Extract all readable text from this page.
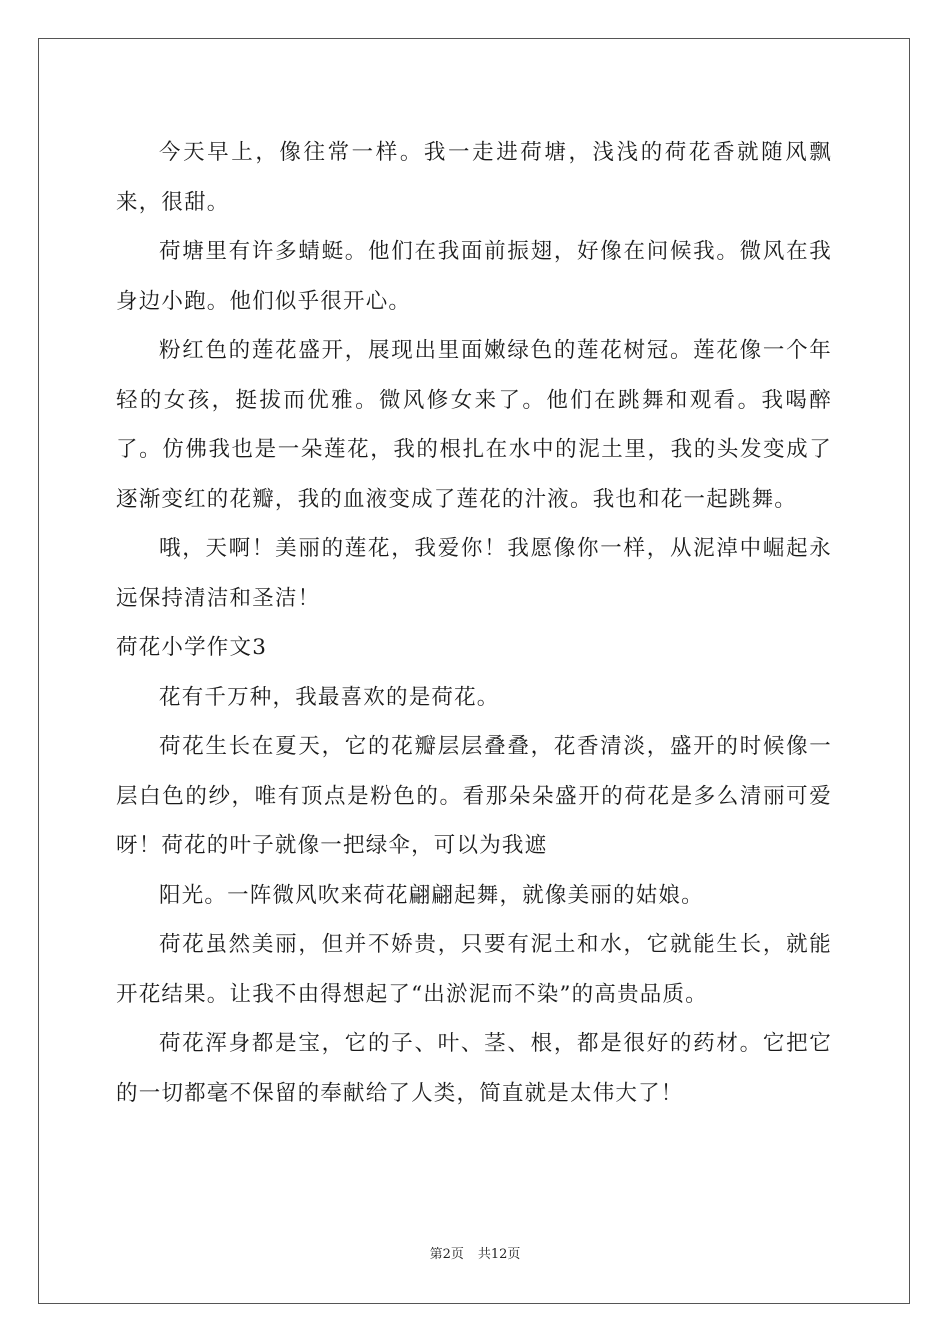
今天早上，像往常一样。我一走进荷塘，浅浅的荷花香就随风飘来，很甜。

荷塘里有许多蜻蜓。他们在我面前振翅，好像在问候我。微风在我身边小跑。他们似乎很开心。

粉红色的莲花盛开，展现出里面嫩绿色的莲花树冠。莲花像一个年轻的女孩，挺拔而优雅。微风修女来了。他们在跳舞和观看。我喝醉了。仿佛我也是一朵莲花，我的根扎在水中的泥土里，我的头发变成了逐渐变红的花瓣，我的血液变成了莲花的汁液。我也和花一起跳舞。

哦，天啊！美丽的莲花，我爱你！我愿像你一样，从泥淖中崛起永远保持清洁和圣洁！

荷花小学作文3

花有千万种，我最喜欢的是荷花。

荷花生长在夏天，它的花瓣层层叠叠，花香清淡，盛开的时候像一层白色的纱，唯有顶点是粉色的。看那朵朵盛开的荷花是多么清丽可爱呀！荷花的叶子就像一把绿伞，可以为我遮

阳光。一阵微风吹来荷花翩翩起舞，就像美丽的姑娘。

荷花虽然美丽，但并不娇贵，只要有泥土和水，它就能生长，就能开花结果。让我不由得想起了“出淤泥而不染”的高贵品质。

荷花浑身都是宝，它的子、叶、茎、根，都是很好的药材。它把它的一切都毫不保留的奉献给了人类，简直就是太伟大了！

第2页 共12页
